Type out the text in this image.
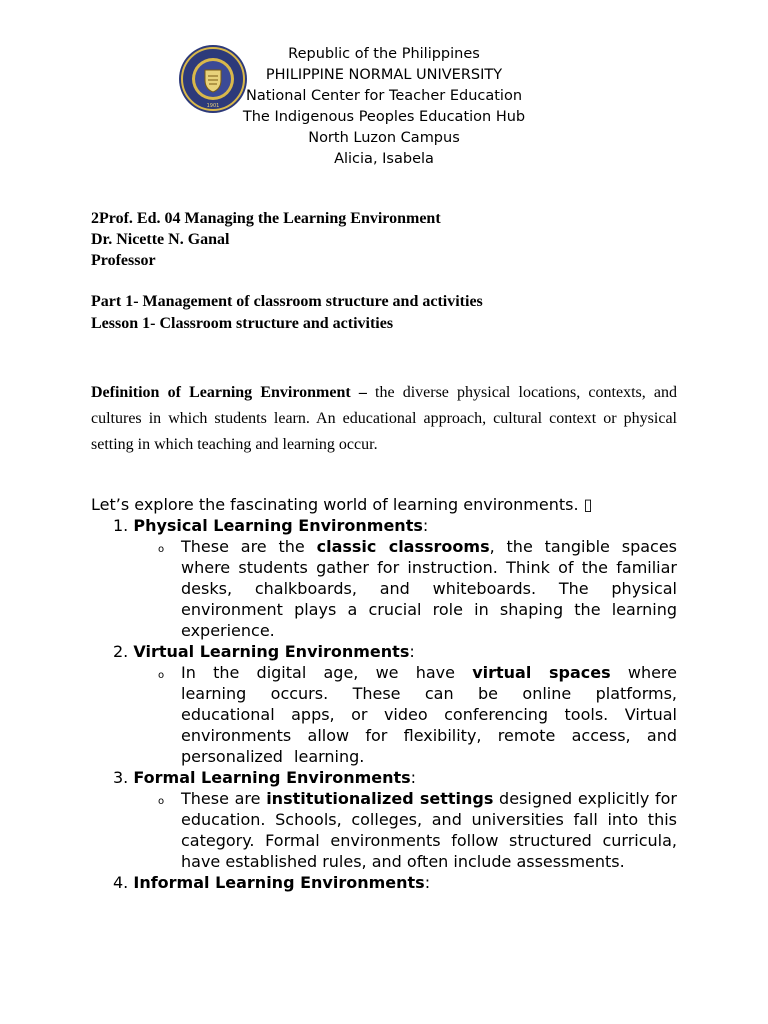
1901
Republic of the Philippines
PHILIPPINE NORMAL UNIVERSITY
National Center for Teacher Education
The Indigenous Peoples Education Hub
North Luzon Campus
Alicia, Isabela
2Prof. Ed. 04 Managing the Learning Environment
Dr. Nicette N. Ganal
Professor
Part 1- Management of classroom structure and activities
Lesson 1- Classroom structure and activities
Definition of Learning Environment – the diverse physical locations, contexts, and cultures in which students learn. An educational approach, cultural context or physical setting in which teaching and learning occur.
Let’s explore the fascinating world of learning environments. ▯
1. Physical Learning Environments:
o These are the classic classrooms, the tangible spaces where students gather for instruction. Think of the familiar desks, chalkboards, and whiteboards. The physical environment plays a crucial role in shaping the learning experience.
2. Virtual Learning Environments:
o In the digital age, we have virtual spaces where learning occurs. These can be online platforms, educational apps, or video conferencing tools. Virtual environments allow for flexibility, remote access, and personalized learning.
3. Formal Learning Environments:
o These are institutionalized settings designed explicitly for education. Schools, colleges, and universities fall into this category. Formal environments follow structured curricula, have established rules, and often include assessments.
4. Informal Learning Environments:
